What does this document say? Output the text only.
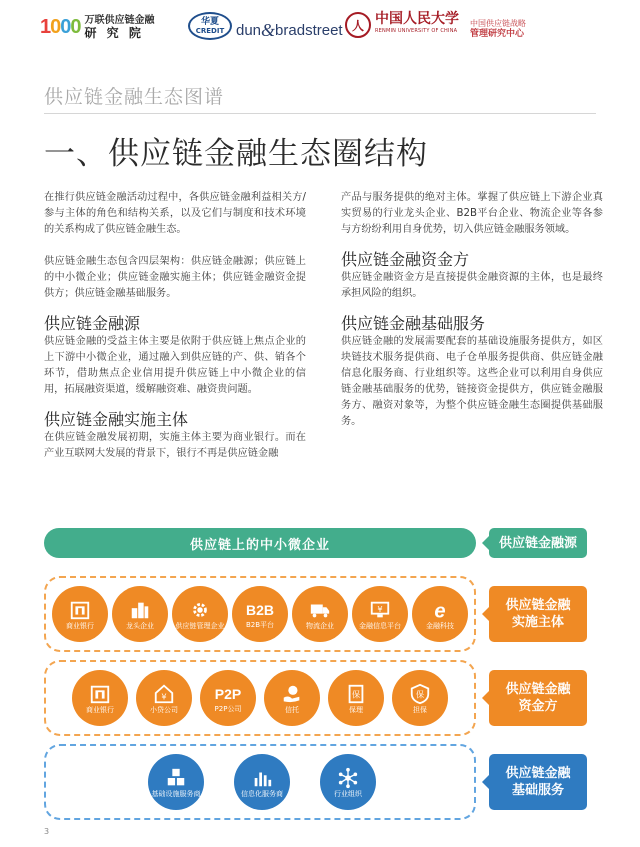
1000 万联供应链金融
研 究 院
华夏
CREDIT dun & bradstreet 人 中国人民大学
RENMIN UNIVERSITY OF CHINA
中国供应链战略
管理研究中心
供应链金融生态图谱
一、供应链金融生态圈结构

在推行供应链金融活动过程中，各供应链金融利益相关方/参与主体的角色和结构关系，以及它们与制度和技术环境的关系构成了供应链金融生态。

供应链金融生态包含四层架构：供应链金融源；供应链上的中小微企业；供应链金融实施主体；供应链金融资金提供方；供应链金融基础服务。

供应链金融源

供应链金融的受益主体主要是依附于供应链上焦点企业的上下游中小微企业，通过融入到供应链的产、供、销各个环节，借助焦点企业信用提升供应链上中小微企业的信用，拓展融资渠道，缓解融资难、融资贵问题。

供应链金融实施主体

在供应链金融发展初期，实施主体主要为商业银行。而在产业互联网大发展的背景下，银行不再是供应链金融

产品与服务提供的绝对主体。掌握了供应链上下游企业真实贸易的行业龙头企业、B2B平台企业、物流企业等各参与方纷纷利用自身优势，切入供应链金融服务领域。

供应链金融资金方

供应链金融资金方是直接提供金融资源的主体，也是最终承担风险的组织。

供应链金融基础服务

供应链金融的发展需要配套的基础设施服务提供方，如区块链技术服务提供商、电子仓单服务提供商、供应链金融信息化服务商、行业组织等。这些企业可以利用自身供应链金融基础服务的优势，链接资金提供方，供应链金融服务方、融资对象等，为整个供应链金融生态圈提供基础服务。

供应链上的中小微企业	供应链金融源
供应链金融
实施主体
商业银行	龙头企业	供应链管理企业
B2B
B2B平台	物流企业
¥
金融信息平台
e
金融科技
供应链金融
资金方
商业银行
¥
小贷公司
P2P
P2P公司	信托
保
保理
保
担保
供应链金融
基础服务
基础设施服务商	信息化服务商	行业组织
3
